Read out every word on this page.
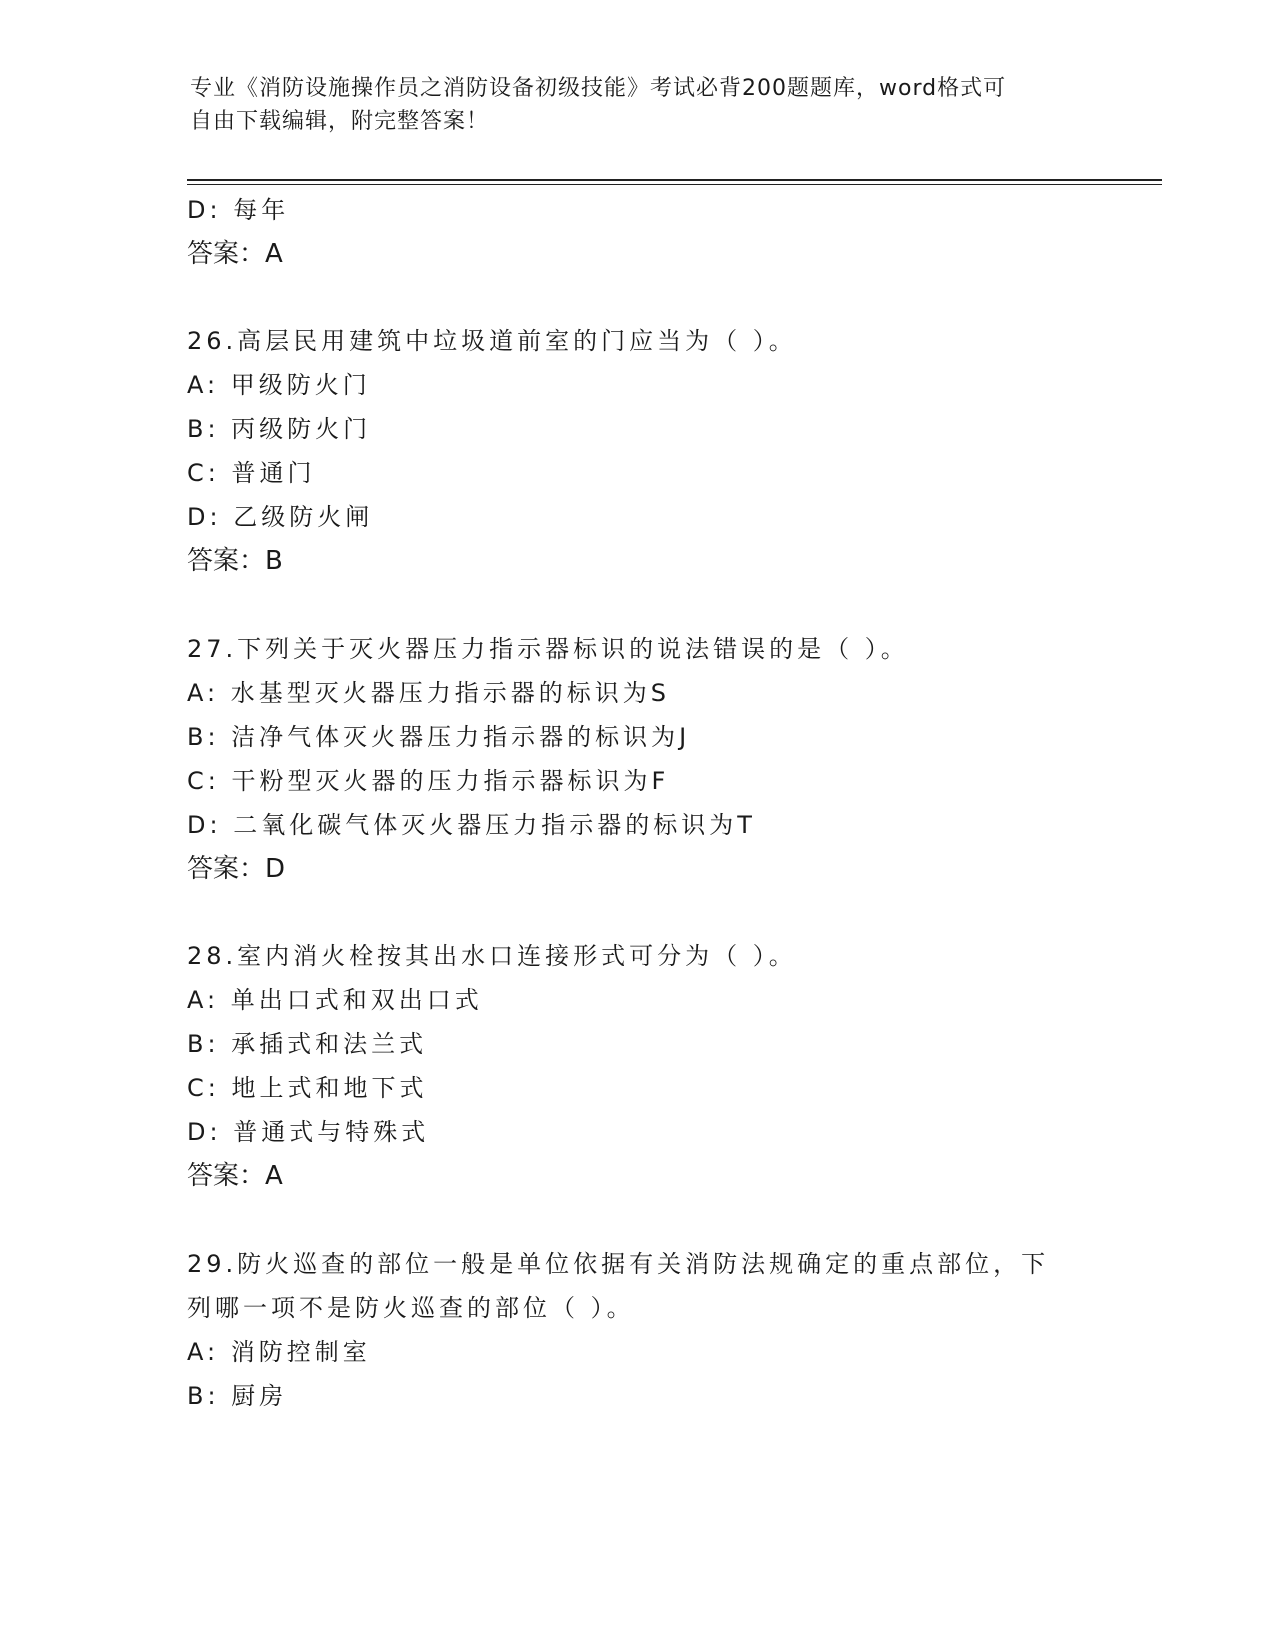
专业《消防设施操作员之消防设备初级技能》考试必背200题题库，word格式可
自由下载编辑，附完整答案！
D: 每年
答案：A
26.高层民用建筑中垃圾道前室的门应当为（ ）。
A: 甲级防火门
B: 丙级防火门
C: 普通门
D: 乙级防火闸
答案：B
27.下列关于灭火器压力指示器标识的说法错误的是（ ）。
A: 水基型灭火器压力指示器的标识为S
B: 洁净气体灭火器压力指示器的标识为J
C: 干粉型灭火器的压力指示器标识为F
D: 二氧化碳气体灭火器压力指示器的标识为T
答案：D
28.室内消火栓按其出水口连接形式可分为（ ）。
A: 单出口式和双出口式
B: 承插式和法兰式
C: 地上式和地下式
D: 普通式与特殊式
答案：A
29.防火巡查的部位一般是单位依据有关消防法规确定的重点部位，下
列哪一项不是防火巡查的部位（ ）。
A: 消防控制室
B: 厨房
